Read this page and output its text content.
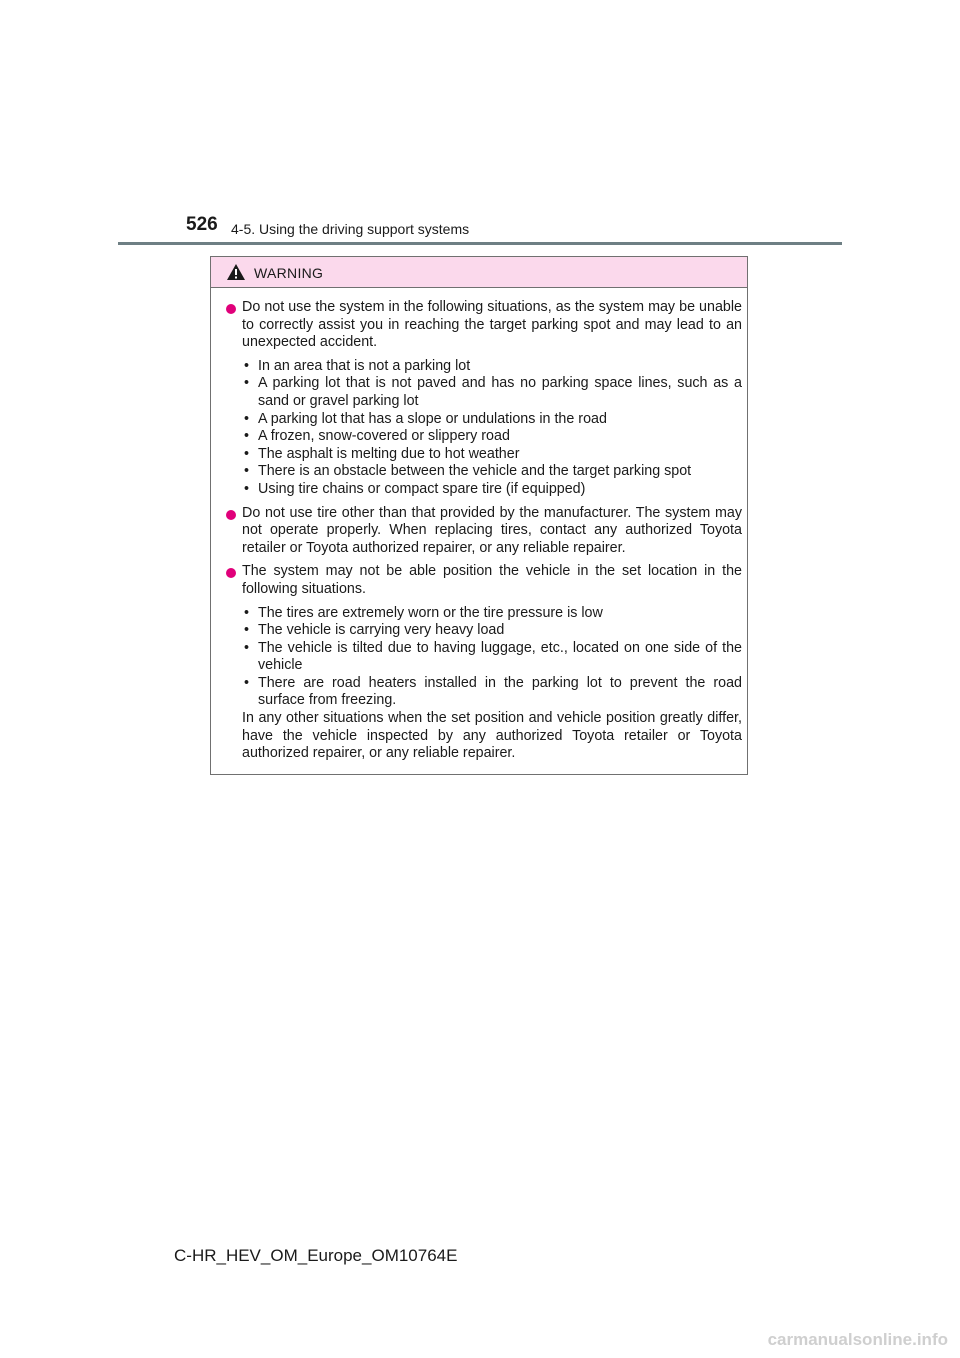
526 4-5. Using the driving support systems
WARNING
Do not use the system in the following situations, as the system may be unable to correctly assist you in reaching the target parking spot and may lead to an unexpected accident.
• In an area that is not a parking lot
• A parking lot that is not paved and has no parking space lines, such as a sand or gravel parking lot
• A parking lot that has a slope or undulations in the road
• A frozen, snow-covered or slippery road
• The asphalt is melting due to hot weather
• There is an obstacle between the vehicle and the target parking spot
• Using tire chains or compact spare tire (if equipped)
Do not use tire other than that provided by the manufacturer. The system may not operate properly. When replacing tires, contact any authorized Toyota retailer or Toyota authorized repairer, or any reliable repairer.
The system may not be able position the vehicle in the set location in the following situations.
• The tires are extremely worn or the tire pressure is low
• The vehicle is carrying very heavy load
• The vehicle is tilted due to having luggage, etc., located on one side of the vehicle
• There are road heaters installed in the parking lot to prevent the road surface from freezing.
In any other situations when the set position and vehicle position greatly differ, have the vehicle inspected by any authorized Toyota retailer or Toyota authorized repairer, or any reliable repairer.
C-HR_HEV_OM_Europe_OM10764E
carmanualsonline.info
